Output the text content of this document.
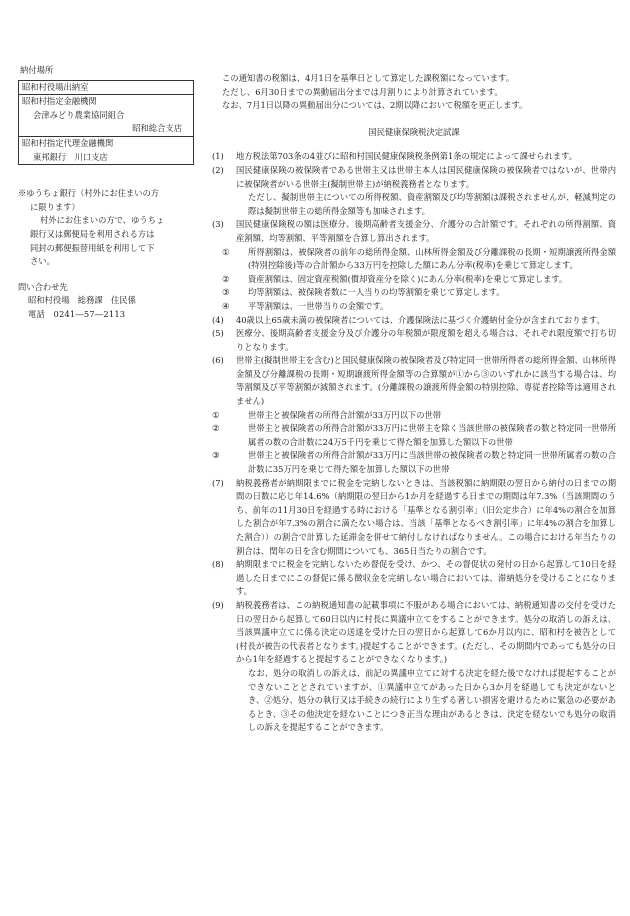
納付場所
昭和村役場出納室
昭和村指定金融機関
会津みどり農業協同組合
昭和総合支店
昭和村指定代理金融機関
東邦銀行　川口支店
※ゆうちょ銀行（村外にお住まいの方
に限ります）
村外にお住まいの方で、ゆうちょ
銀行又は郵便局を利用される方は
同封の郵便振替用紙を利用して下
さい。
問い合わせ先
昭和村役場　総務課　住民係
電話　0241―57―2113
この通知書の税額は、4月1日を基準日として算定した課税額になっています。
ただし、6月30日までの異動届出分までは月割りにより計算されています。
なお、7月1日以降の異動届出分については、2期以降において税額を更正します。
国民健康保険税決定試課
(1)	地方税法第703条の4並びに昭和村国民健康保険税条例第1条の規定によって課せられます。
(2)	国民健康保険の被保険者である世帯主又は世帯主本人は国民健康保険の被保険者ではないが、世帯内に被保険者がいる世帯主(擬制世帯主)が納税義務者となります。
ただし、擬制世帯主についての所得税額、資産割額及び均等割額は課税されませんが、軽減判定の際は擬制世帯主の総所得金額等も加味されます。
(3)	国民健康保険税の額は医療分、後期高齢者支援金分、介護分の合計額です。それぞれの所得割額、資産割額、均等割額、平等割額を合算し算出されます。
①	所得割額は、被保険者の前年の総所得金額、山林所得金額及び分離課税の長期・短期譲渡所得金額(特別控除後)等の合計額から33万円を控除した額にあん分率(税率)を乗じて算定します。
②	資産割額は、固定資産税額(償却資産分を除く)にあん分率(税率)を乗じて算定します。
③	均等割額は、被保険者数に一人当りの均等割額を乗じて算定します。
④	平等割額は、一世帯当りの金額です。
(4)	40歳以上65歳未満の被保険者については、介護保険法に基づく介護納付金分が含まれております。
(5)	医療分、後期高齢者支援金分及び介護分の年税額が限度額を超える場合は、それぞれ限度額で打ち切りとなります。
(6)	世帯主(擬制世帯主を含む)と国民健康保険の被保険者及び特定同一世帯所得者の総所得金額、山林所得金額及び分離課税の長期・短期譲渡所得金額等の合算額が①から③のいずれかに該当する場合は、均等割額及び平等割額が減額されます。(分離課税の譲渡所得金額の特別控除、専従者控除等は適用されません)
①	世帯主と被保険者の所得合計額が33万円以下の世帯
②	世帯主と被保険者の所得合計額が33万円に世帯主を除く当該世帯の被保険者の数と特定同一世帯所属者の数の合計数に24万5千円を乗じて得た額を加算した額以下の世帯
③	世帯主と被保険者の所得合計額が33万円に当該世帯の被保険者の数と特定同一世帯所属者の数の合計数に35万円を乗じて得た額を加算した額以下の世帯
(7)	納税義務者が納期限までに税金を完納しないときは、当該税額に納期限の翌日から納付の日までの期間の日数に応じ年14.6%（納期限の翌日から1か月を経過する日までの期間は年7.3%（当該期間のうち、前年の11月30日を経過する時における「基準となる割引率」（旧公定歩合）に年4%の割合を加算した割合が年7.3%の割合に満たない場合は、当該「基準となるべき割引率」に年4%の割合を加算した割合））の割合で計算した延滞金を併せて納付しなければなりません。この場合における年当たりの割合は、閏年の日を含む期間についても、365日当たりの割合です。
(8)	納期限までに税金を完納しないため督促を受け、かつ、その督促状の発付の日から起算して10日を経過した日までにこの督促に係る徴収金を完納しない場合においては、滞納処分を受けることになります。
(9)	納税義務者は、この納税通知書の記載事項に不服がある場合においては、納税通知書の交付を受けた日の翌日から起算して60日以内に村長に異議申立てをすることができます。処分の取消しの訴えは、当該異議申立てに係る決定の送達を受けた日の翌日から起算して6か月以内に、昭和村を被告として(村長が被告の代表者となります。)提起することができます。(ただし、その期間内であっても処分の日から1年を経過すると提起することができなくなります。)
なお、処分の取消しの訴えは、前記の異議申立てに対する決定を経た後でなければ提起することができないこととされていますが、①異議申立てがあった日から3か月を経過しても決定がないとき、②処分、処分の執行又は手続きの続行により生ずる著しい損害を避けるために緊急の必要があるとき、③その他決定を経ないことにつき正当な理由があるときは、決定を経ないでも処分の取消しの訴えを提起することができます。
